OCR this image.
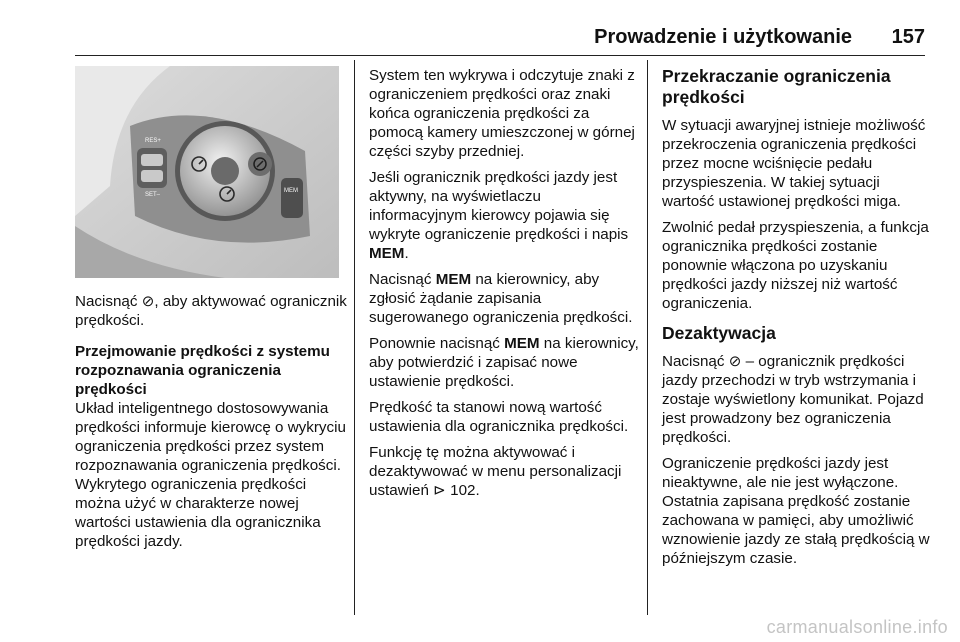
Prowadzenie i użytkowanie 157
RES+
SET–
MEM

Nacisnąć ⊘, aby aktywować ogranicznik prędkości.

Przejmowanie prędkości z systemu rozpoznawania ograniczenia prędkości

Układ inteligentnego dostosowywania prędkości informuje kierowcę o wykryciu ograniczenia prędkości przez system rozpoznawania ograniczenia prędkości. Wykrytego ograniczenia prędkości można użyć w charakterze nowej wartości ustawienia dla ogranicznika prędkości jazdy.

System ten wykrywa i odczytuje znaki z ograniczeniem prędkości oraz znaki końca ograniczenia prędkości za pomocą kamery umieszczonej w górnej części szyby przedniej.

Jeśli ogranicznik prędkości jazdy jest aktywny, na wyświetlaczu informacyjnym kierowcy pojawia się wykryte ograniczenie prędkości i napis MEM.

Nacisnąć MEM na kierownicy, aby zgłosić żądanie zapisania sugerowanego ograniczenia prędkości.

Ponownie nacisnąć MEM na kierownicy, aby potwierdzić i zapisać nowe ustawienie prędkości.

Prędkość ta stanowi nową wartość ustawienia dla ogranicznika prędkości.

Funkcję tę można aktywować i dezaktywować w menu personalizacji ustawień ⊳ 102.

Przekraczanie ograniczenia prędkości

W sytuacji awaryjnej istnieje możliwość przekroczenia ograniczenia prędkości przez mocne wciśnięcie pedału przyspieszenia. W takiej sytuacji wartość ustawionej prędkości miga.

Zwolnić pedał przyspieszenia, a funkcja ogranicznika prędkości zostanie ponownie włączona po uzyskaniu prędkości jazdy niższej niż wartość ograniczenia.

Dezaktywacja

Nacisnąć ⊘ – ogranicznik prędkości jazdy przechodzi w tryb wstrzymania i zostaje wyświetlony komunikat. Pojazd jest prowadzony bez ograniczenia prędkości.

Ograniczenie prędkości jazdy jest nieaktywne, ale nie jest wyłączone. Ostatnia zapisana prędkość zostanie zachowana w pamięci, aby umożliwić wznowienie jazdy ze stałą prędkością w późniejszym czasie.

carmanualsonline.info
